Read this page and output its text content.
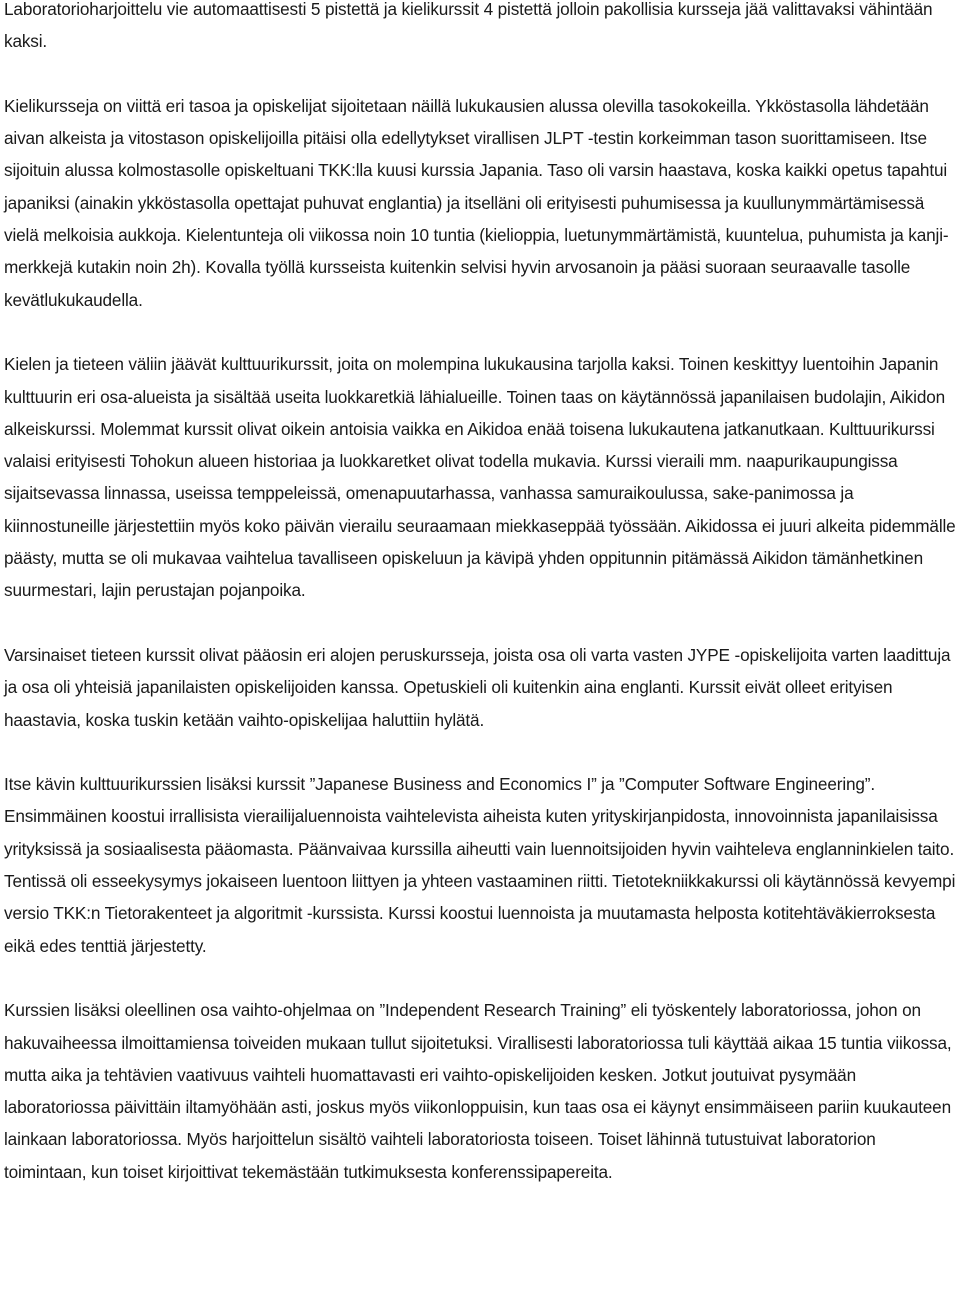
Laboratorioharjoittelu vie automaattisesti 5 pistettä ja kielikurssit 4 pistettä jolloin pakollisia kursseja jää valittavaksi vähintään kaksi.

Kielikursseja on viittä eri tasoa ja opiskelijat sijoitetaan näillä lukukausien alussa olevilla tasokokeilla. Ykköstasolla lähdetään aivan alkeista ja vitostason opiskelijoilla pitäisi olla edellytykset virallisen JLPT -testin korkeimman tason suorittamiseen. Itse sijoituin alussa kolmostasolle opiskeltuani TKK:lla kuusi kurssia Japania. Taso oli varsin haastava, koska kaikki opetus tapahtui japaniksi (ainakin ykköstasolla opettajat puhuvat englantia) ja itselläni oli erityisesti puhumisessa ja kuullunymmärtämisessä vielä melkoisia aukkoja. Kielentunteja oli viikossa noin 10 tuntia (kielioppia, luetunymmärtämistä, kuuntelua, puhumista ja kanji-merkkejä kutakin noin 2h). Kovalla työllä kursseista kuitenkin selvisi hyvin arvosanoin ja pääsi suoraan seuraavalle tasolle kevätlukukaudella.

Kielen ja tieteen väliin jäävät kulttuurikurssit, joita on molempina lukukausina tarjolla kaksi. Toinen keskittyy luentoihin Japanin kulttuurin eri osa-alueista ja sisältää useita luokkaretkiä lähialueille. Toinen taas on käytännössä japanilaisen budolajin, Aikidon alkeiskurssi. Molemmat kurssit olivat oikein antoisia vaikka en Aikidoa enää toisena lukukautena jatkanutkaan. Kulttuurikurssi valaisi erityisesti Tohokun alueen historiaa ja luokkaretket olivat todella mukavia. Kurssi vieraili mm. naapurikaupungissa sijaitsevassa linnassa, useissa temppeleissä, omenapuutarhassa, vanhassa samuraikoulussa, sake-panimossa ja kiinnostuneille järjestettiin myös koko päivän vierailu seuraamaan miekkaseppää työssään. Aikidossa ei juuri alkeita pidemmälle päästy, mutta se oli mukavaa vaihtelua tavalliseen opiskeluun ja kävipä yhden oppitunnin pitämässä Aikidon tämänhetkinen suurmestari, lajin perustajan pojanpoika.

Varsinaiset tieteen kurssit olivat pääosin eri alojen peruskursseja, joista osa oli varta vasten JYPE -opiskelijoita varten laadittuja ja osa oli yhteisiä japanilaisten opiskelijoiden kanssa. Opetuskieli oli kuitenkin aina englanti. Kurssit eivät olleet erityisen haastavia, koska tuskin ketään vaihto-opiskelijaa haluttiin hylätä.

Itse kävin kulttuurikurssien lisäksi kurssit ”Japanese Business and Economics I” ja ”Computer Software Engineering”. Ensimmäinen koostui irrallisista vierailijaluennoista vaihtelevista aiheista kuten yrityskirjanpidosta, innovoinnista japanilaisissa yrityksissä ja sosiaalisesta pääomasta. Päänvaivaa kurssilla aiheutti vain luennoitsijoiden hyvin vaihteleva englanninkielen taito. Tentissä oli esseekysymys jokaiseen luentoon liittyen ja yhteen vastaaminen riitti. Tietotekniikkakurssi oli käytännössä kevyempi versio TKK:n Tietorakenteet ja algoritmit -kurssista. Kurssi koostui luennoista ja muutamasta helposta kotitehtäväkierroksesta eikä edes tenttiä järjestetty.

Kurssien lisäksi oleellinen osa vaihto-ohjelmaa on ”Independent Research Training” eli työskentely laboratoriossa, johon on hakuvaiheessa ilmoittamiensa toiveiden mukaan tullut sijoitetuksi. Virallisesti laboratoriossa tuli käyttää aikaa 15 tuntia viikossa, mutta aika ja tehtävien vaativuus vaihteli huomattavasti eri vaihto-opiskelijoiden kesken. Jotkut joutuivat pysymään laboratoriossa päivittäin iltamyöhään asti, joskus myös viikonloppuisin, kun taas osa ei käynyt ensimmäiseen pariin kuukauteen lainkaan laboratoriossa. Myös harjoittelun sisältö vaihteli laboratoriosta toiseen. Toiset lähinnä tutustuivat laboratorion toimintaan, kun toiset kirjoittivat tekemästään tutkimuksesta konferenssipapereita.
